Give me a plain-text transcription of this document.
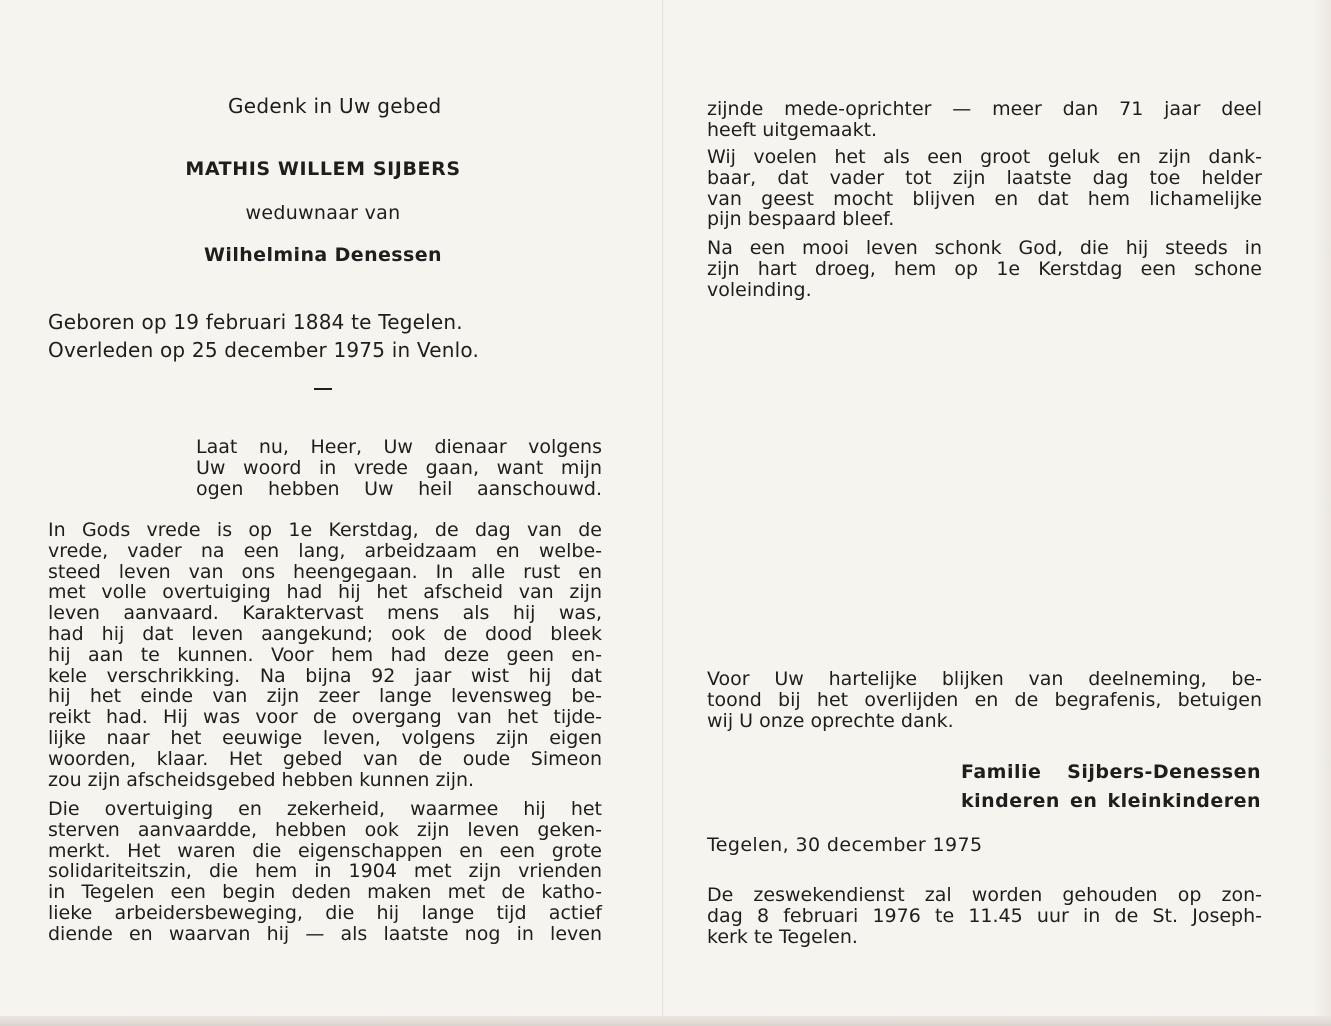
Gedenk in Uw gebed
MATHIS WILLEM SIJBERS
weduwnaar van
Wilhelmina Denessen
Geboren op 19 februari 1884 te Tegelen.
Overleden op 25 december 1975 in Venlo.
Laat nu, Heer, Uw dienaar volgens
Uw woord in vrede gaan, want mijn
ogen hebben Uw heil aanschouwd.
In Gods vrede is op 1e Kerstdag, de dag van de
vrede, vader na een lang, arbeidzaam en welbe-
steed leven van ons heengegaan. In alle rust en
met volle overtuiging had hij het afscheid van zijn
leven aanvaard. Karaktervast mens als hij was,
had hij dat leven aangekund; ook de dood bleek
hij aan te kunnen. Voor hem had deze geen en-
kele verschrikking. Na bijna 92 jaar wist hij dat
hij het einde van zijn zeer lange levensweg be-
reikt had. Hij was voor de overgang van het tijde-
lijke naar het eeuwige leven, volgens zijn eigen
woorden, klaar. Het gebed van de oude Simeon
zou zijn afscheidsgebed hebben kunnen zijn.
Die overtuiging en zekerheid, waarmee hij het
sterven aanvaardde, hebben ook zijn leven geken-
merkt. Het waren die eigenschappen en een grote
solidariteitszin, die hem in 1904 met zijn vrienden
in Tegelen een begin deden maken met de katho-
lieke arbeidersbeweging, die hij lange tijd actief
diende en waarvan hij — als laatste nog in leven
zijnde mede-oprichter — meer dan 71 jaar deel
heeft uitgemaakt.
Wij voelen het als een groot geluk en zijn dank-
baar, dat vader tot zijn laatste dag toe helder
van geest mocht blijven en dat hem lichamelijke
pijn bespaard bleef.
Na een mooi leven schonk God, die hij steeds in
zijn hart droeg, hem op 1e Kerstdag een schone
voleinding.
Voor Uw hartelijke blijken van deelneming, be-
toond bij het overlijden en de begrafenis, betuigen
wij U onze oprechte dank.
Familie Sijbers-Denessen
kinderen en kleinkinderen
Tegelen, 30 december 1975
De zeswekendienst zal worden gehouden op zon-
dag 8 februari 1976 te 11.45 uur in de St. Joseph-
kerk te Tegelen.
